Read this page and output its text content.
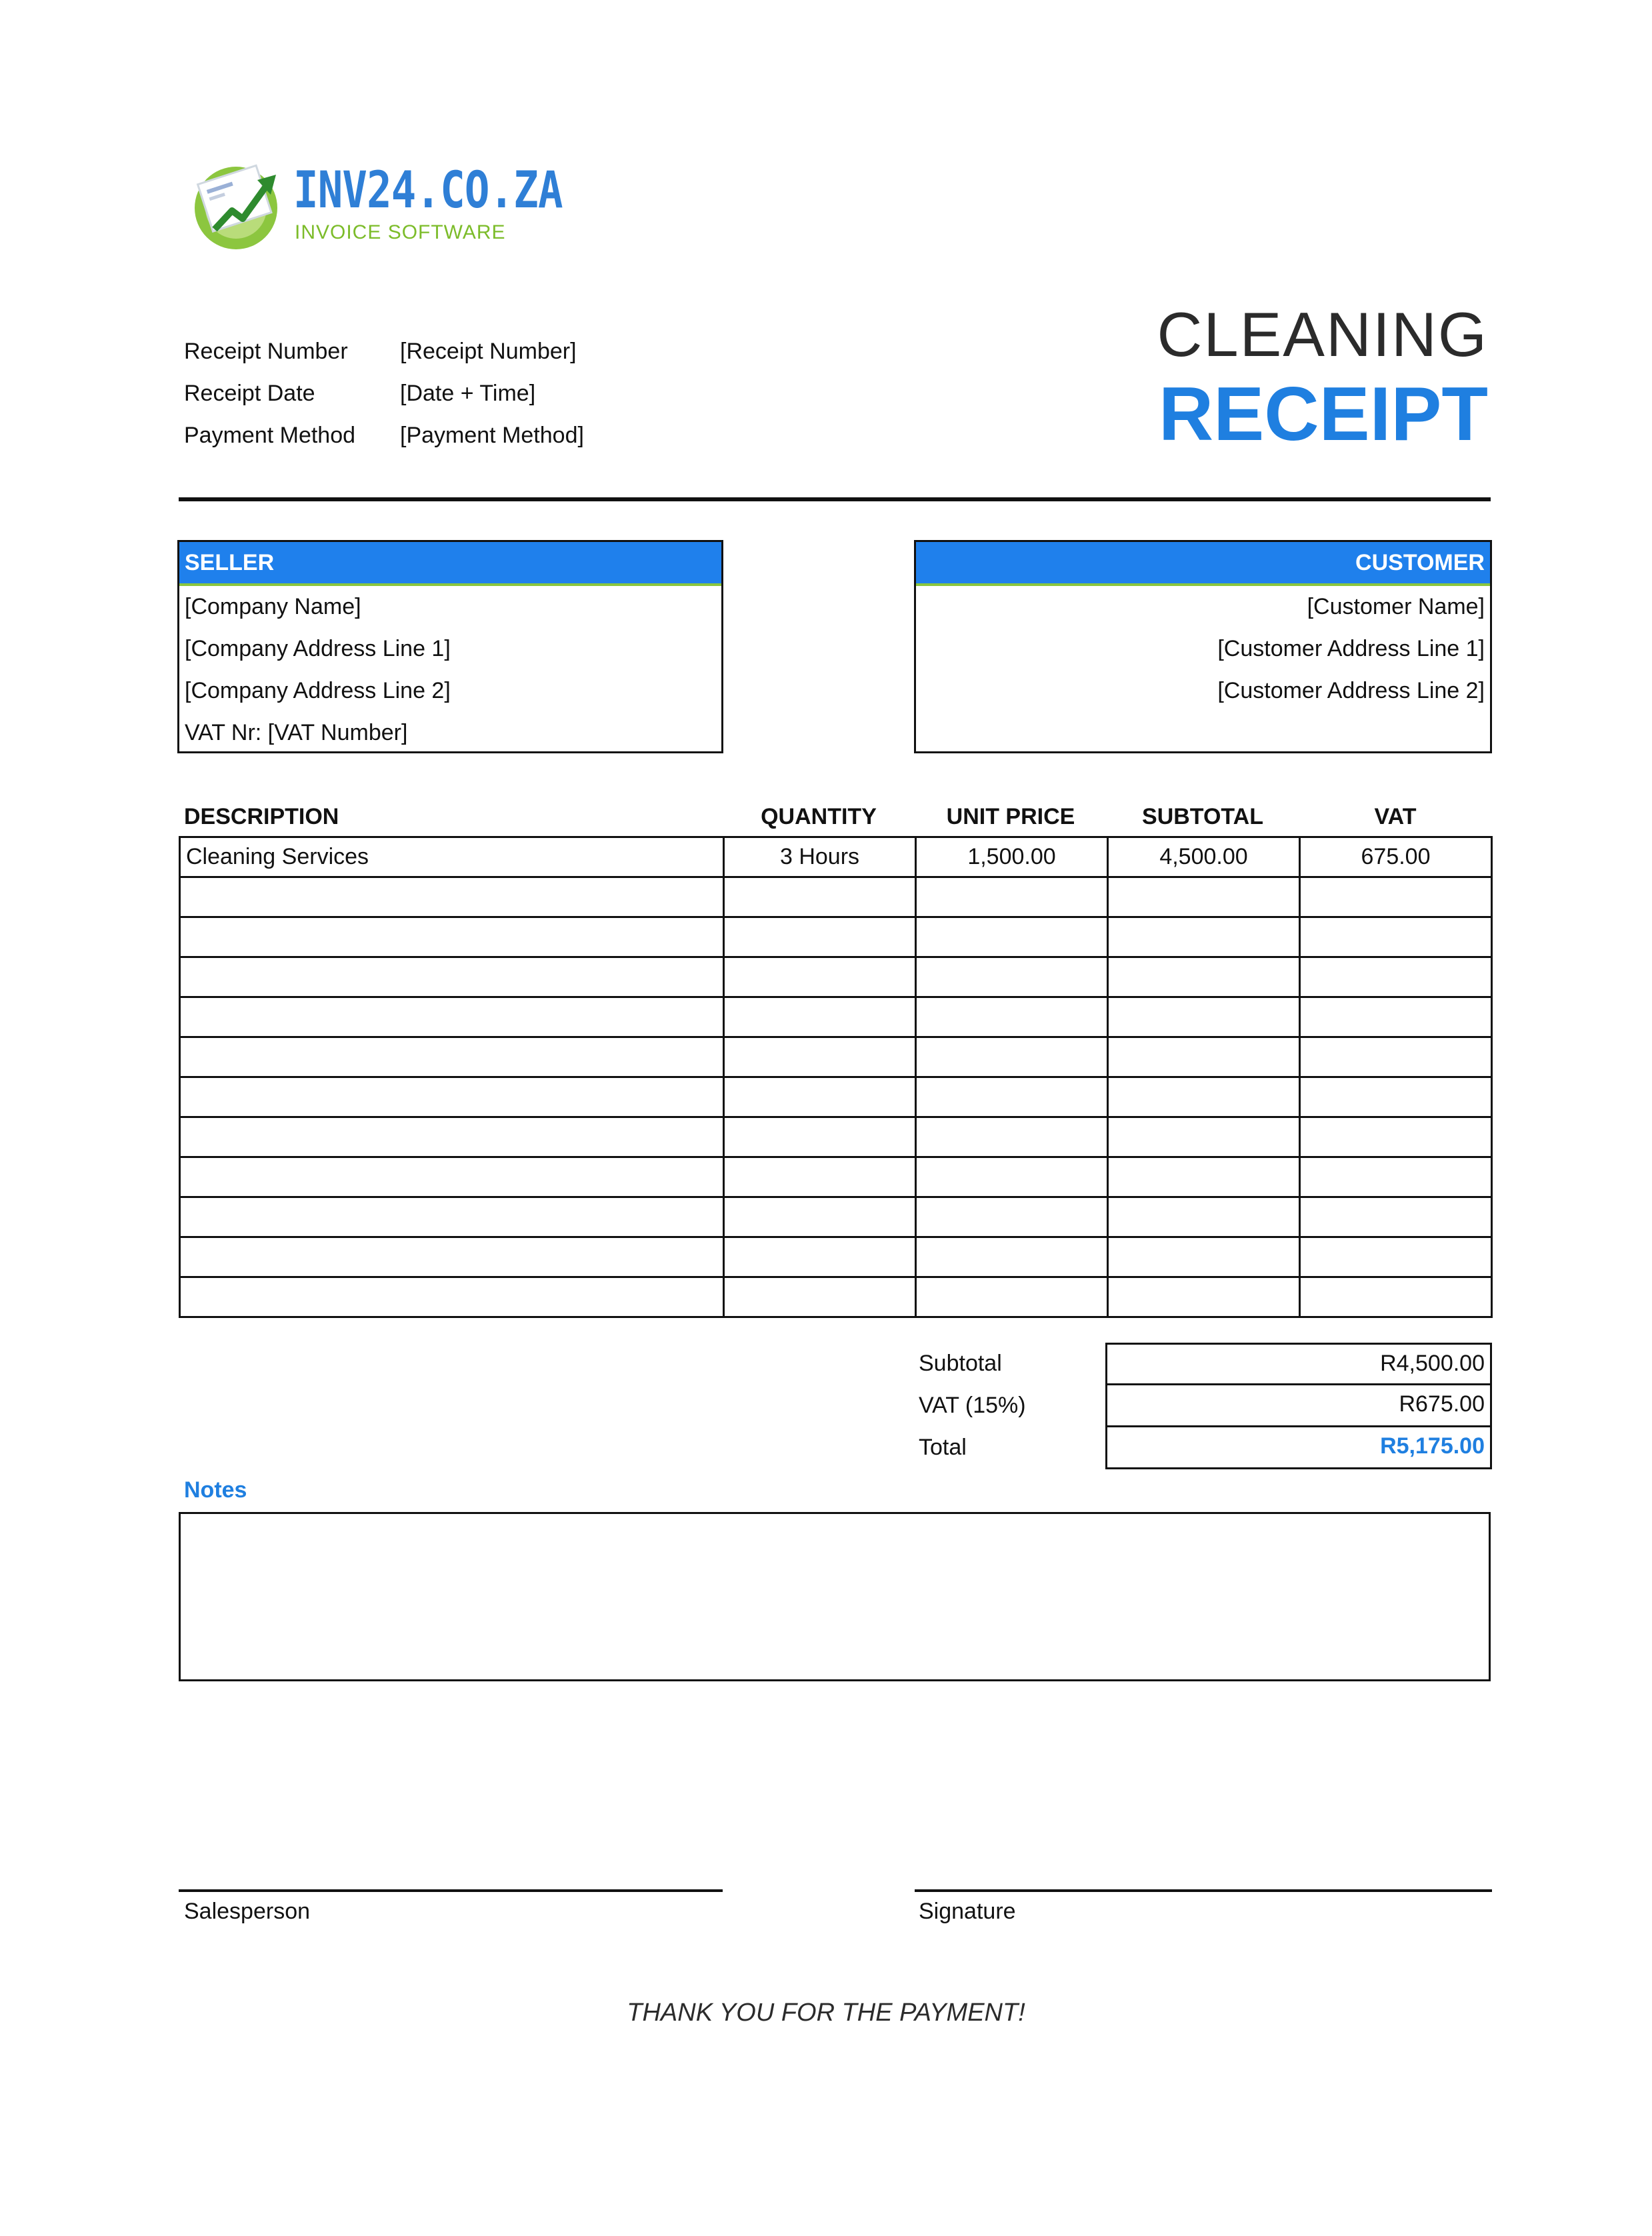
INV24.CO.ZA
INVOICE SOFTWARE
Receipt Number [Receipt Number]
Receipt Date	[Date + Time]
Payment Method [Payment Method]
CLEANING
RECEIPT
SELLER
[Company Name]
[Company Address Line 1]
[Company Address Line 2]
VAT Nr: [VAT Number]
CUSTOMER
[Customer Name]
[Customer Address Line 1]
[Customer Address Line 2]
DESCRIPTION	QUANTITY	UNIT PRICE	SUBTOTAL	VAT
Cleaning Services	3 Hours	1,500.00	4,500.00	675.00

Subtotal	R4,500.00
VAT (15%)	R675.00
Total	R5,175.00
Notes
Salesperson	Signature
THANK YOU FOR THE PAYMENT!
